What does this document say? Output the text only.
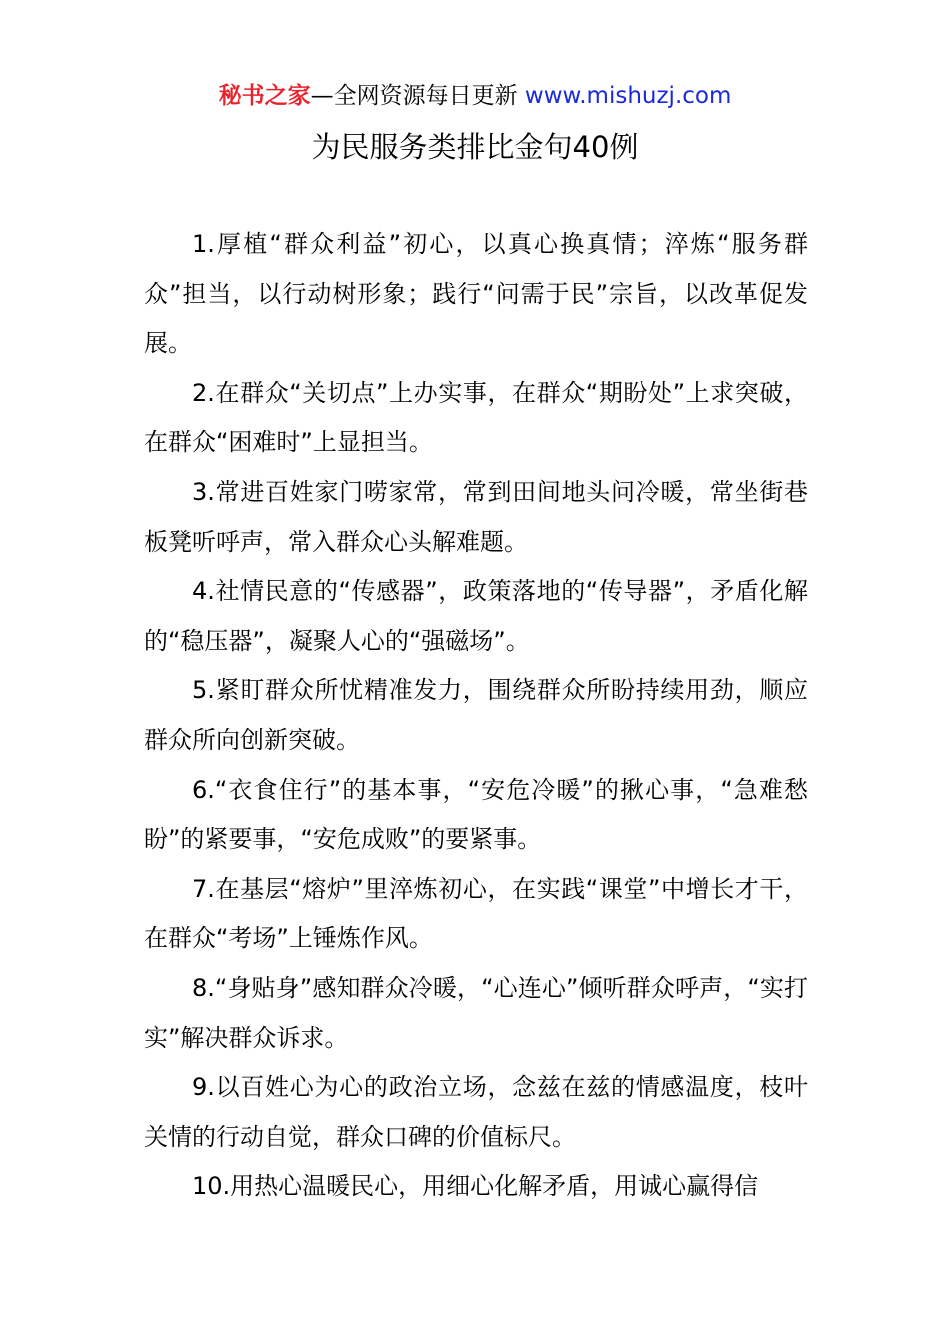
秘书之家—全网资源每日更新 www.mishuzj.com
为民服务类排比金句40例

1.厚植“群众利益”初心，以真心换真情；淬炼“服务群众”担当，以行动树形象；践行“问需于民”宗旨，以改革促发展。

2.在群众“关切点”上办实事，在群众“期盼处”上求突破，在群众“困难时”上显担当。

3.常进百姓家门唠家常，常到田间地头问冷暖，常坐街巷板凳听呼声，常入群众心头解难题。

4.社情民意的“传感器”，政策落地的“传导器”，矛盾化解的“稳压器”，凝聚人心的“强磁场”。

5.紧盯群众所忧精准发力，围绕群众所盼持续用劲，顺应群众所向创新突破。

6.“衣食住行”的基本事，“安危冷暖”的揪心事，“急难愁盼”的紧要事，“安危成败”的要紧事。

7.在基层“熔炉”里淬炼初心，在实践“课堂”中增长才干，在群众“考场”上锤炼作风。

8.“身贴身”感知群众冷暖，“心连心”倾听群众呼声，“实打实”解决群众诉求。

9.以百姓心为心的政治立场，念兹在兹的情感温度，枝叶关情的行动自觉，群众口碑的价值标尺。

10.用热心温暖民心，用细心化解矛盾，用诚心赢得信
